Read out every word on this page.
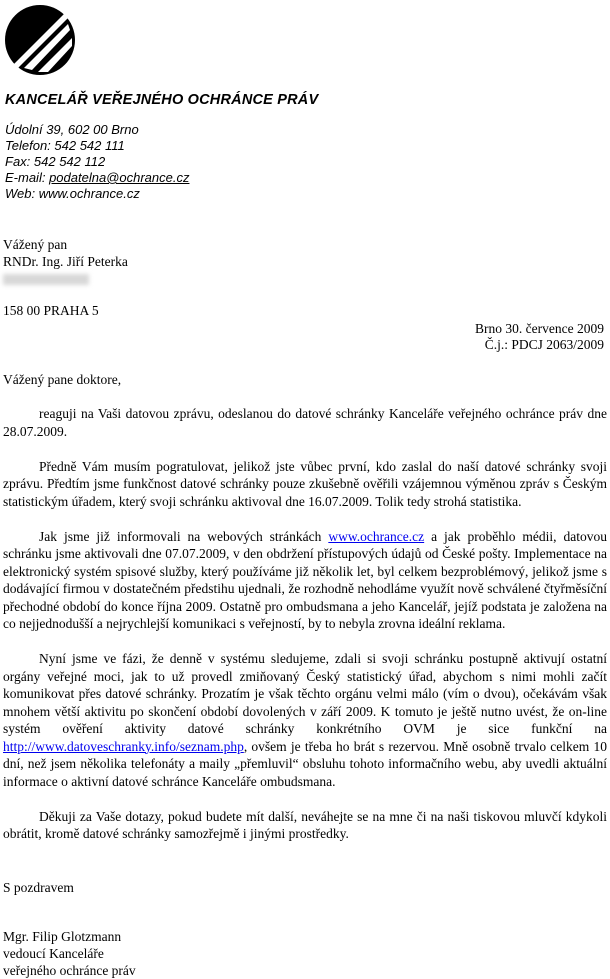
KANCELÁŘ VEŘEJNÉHO OCHRÁNCE PRÁV
Údolní 39, 602 00 Brno
Telefon: 542 542 111
Fax: 542 542 112
E-mail: podatelna@ochrance.cz
Web: www.ochrance.cz
Vážený pan
RNDr. Ing. Jiří Peterka
158 00 PRAHA 5
Brno 30. července 2009
Č.j.: PDCJ 2063/2009
Vážený pane doktore,

reaguji na Vaši datovou zprávu, odeslanou do datové schránky Kanceláře veřejného ochránce práv dne 28.07.2009.

Předně Vám musím pogratulovat, jelikož jste vůbec první, kdo zaslal do naší datové schránky svoji zprávu. Předtím jsme funkčnost datové schránky pouze zkušebně ověřili vzájemnou výměnou zpráv s Českým statistickým úřadem, který svoji schránku aktivoval dne 16.07.2009. Tolik tedy strohá statistika.

Jak jsme již informovali na webových stránkách www.ochrance.cz a jak proběhlo médii, datovou schránku jsme aktivovali dne 07.07.2009, v den obdržení přístupových údajů od České pošty. Implementace na elektronický systém spisové služby, který používáme již několik let, byl celkem bezproblémový, jelikož jsme s dodávající firmou v dostatečném předstihu ujednali, že rozhodně nehodláme využít nově schválené čtyřměsíční přechodné období do konce října 2009. Ostatně pro ombudsmana a jeho Kancelář, jejíž podstata je založena na co nejjednodušší a nejrychlejší komunikaci s veřejností, by to nebyla zrovna ideální reklama.

Nyní jsme ve fázi, že denně v systému sledujeme, zdali si svoji schránku postupně aktivují ostatní orgány veřejné moci, jak to už provedl zmiňovaný Český statistický úřad, abychom s nimi mohli začít komunikovat přes datové schránky. Prozatím je však těchto orgánu velmi málo (vím o dvou), očekávám však mnohem větší aktivitu po skončení období dovolených v září 2009. K tomuto je ještě nutno uvést, že on-line systém ověření aktivity datové schránky konkrétního OVM je sice funkční na http://www.datoveschranky.info/seznam.php, ovšem je třeba ho brát s rezervou. Mně osobně trvalo celkem 10 dní, než jsem několika telefonáty a maily „přemluvil“ obsluhu tohoto informačního webu, aby uvedli aktuální informace o aktivní datové schránce Kanceláře ombudsmana.

Děkuji za Vaše dotazy, pokud budete mít další, neváhejte se na mne či na naši tiskovou mluvčí kdykoli obrátit, kromě datové schránky samozřejmě i jinými prostředky.

S pozdravem
Mgr. Filip Glotzmann
vedoucí Kanceláře
veřejného ochránce práv
